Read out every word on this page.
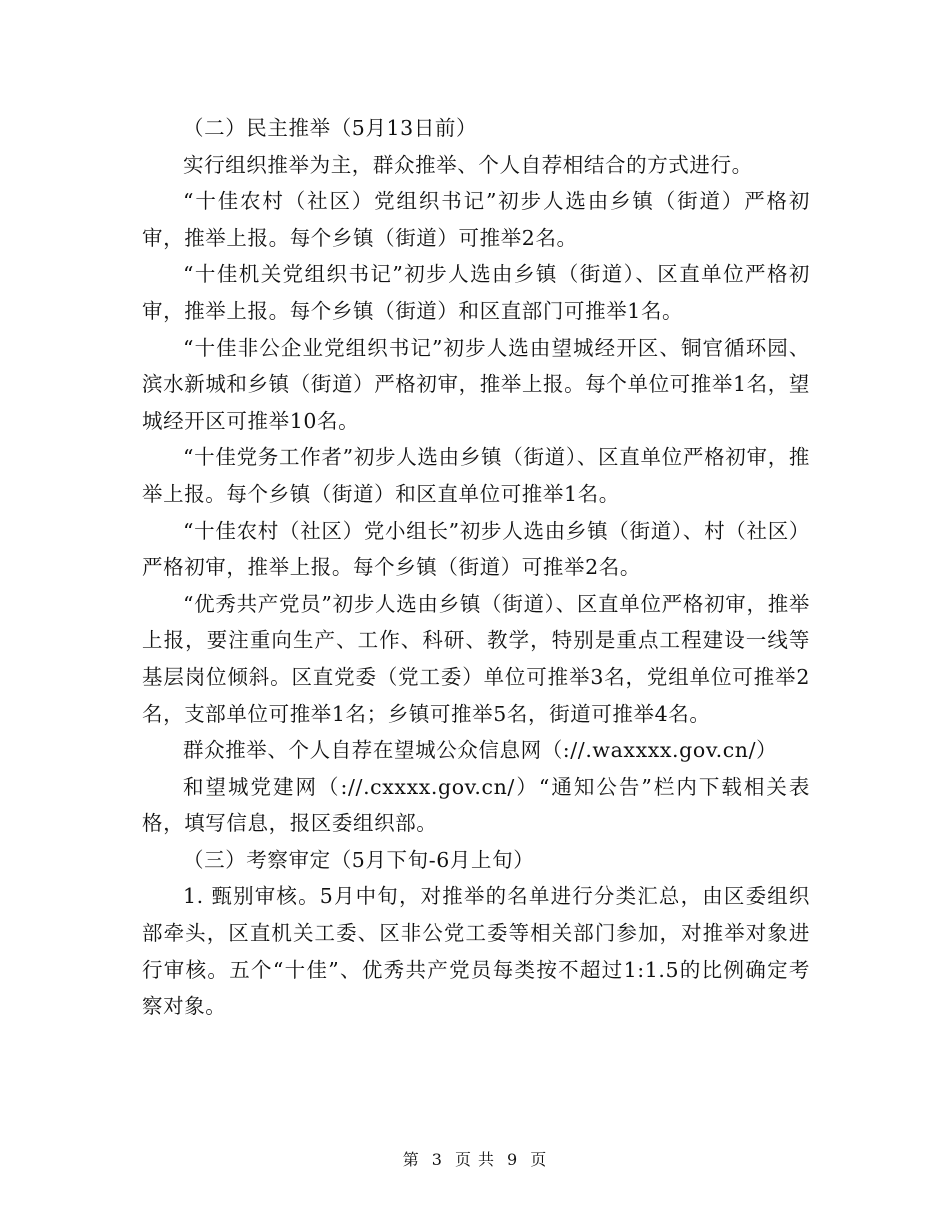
（二）民主推举（5月13日前）

实行组织推举为主，群众推举、个人自荐相结合的方式进行。

“十佳农村（社区）党组织书记”初步人选由乡镇（街道）严格初审，推举上报。每个乡镇（街道）可推举2名。

“十佳机关党组织书记”初步人选由乡镇（街道）、区直单位严格初审，推举上报。每个乡镇（街道）和区直部门可推举1名。

“十佳非公企业党组织书记”初步人选由望城经开区、铜官循环园、滨水新城和乡镇（街道）严格初审，推举上报。每个单位可推举1名，望城经开区可推举10名。

“十佳党务工作者”初步人选由乡镇（街道）、区直单位严格初审，推举上报。每个乡镇（街道）和区直单位可推举1名。

“十佳农村（社区）党小组长”初步人选由乡镇（街道）、村（社区）严格初审，推举上报。每个乡镇（街道）可推举2名。

“优秀共产党员”初步人选由乡镇（街道）、区直单位严格初审，推举上报，要注重向生产、工作、科研、教学，特别是重点工程建设一线等基层岗位倾斜。区直党委（党工委）单位可推举3名，党组单位可推举2名，支部单位可推举1名；乡镇可推举5名，街道可推举4名。

群众推举、个人自荐在望城公众信息网（://.waxxxx.gov.cn/）

和望城党建网（://.cxxxx.gov.cn/）“通知公告”栏内下载相关表格，填写信息，报区委组织部。

（三）考察审定（5月下旬-6月上旬）

1. 甄别审核。5月中旬，对推举的名单进行分类汇总，由区委组织部牵头，区直机关工委、区非公党工委等相关部门参加，对推举对象进行审核。五个“十佳”、优秀共产党员每类按不超过1:1.5的比例确定考察对象。

第 3 页 共 9 页
